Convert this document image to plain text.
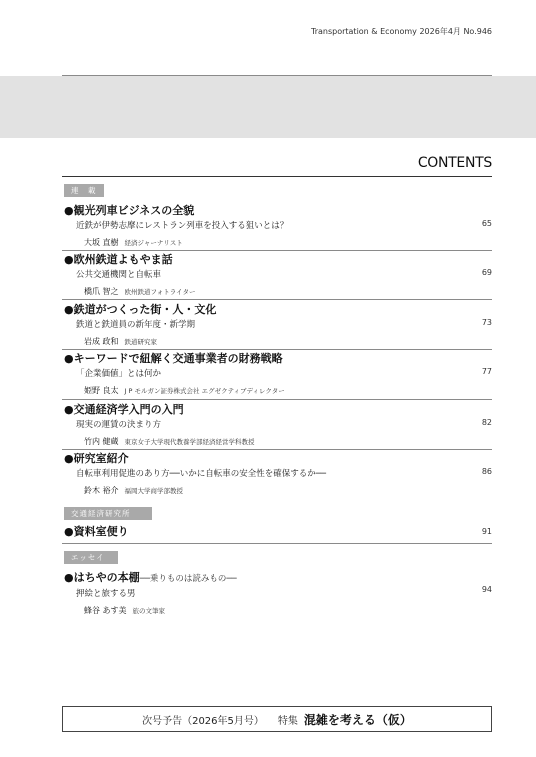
Transportation & Economy 2026年4月 No.946
CONTENTS
連　載
●観光列車ビジネスの全貌
近鉄が伊勢志摩にレストラン列車を投入する狙いとは？
大坂 直樹 経済ジャーナリスト
65
●欧州鉄道よもやま話
公共交通機関と自転車
橋爪 智之 欧州鉄道フォトライター
69
●鉄道がつくった街・人・文化
鉄道と鉄道員の新年度・新学期
岩成 政和 鉄道研究家
73
●キーワードで紐解く交通事業者の財務戦略
「企業価値」とは何か
姫野 良太 J P モルガン証券株式会社 エグゼクティブディレクター
77
●交通経済学入門の入門
現実の運賃の決まり方
竹内 健蔵 東京女子大学現代教養学部経済経営学科教授
82
●研究室紹介
自転車利用促進のあり方──いかに自転車の安全性を確保するか──
鈴木 裕介 福岡大学商学部教授
86
交通経済研究所
●資料室便り	91
エッセイ
●はちやの本棚──乗りものは読みもの──
押絵と旅する男
蜂谷 あす美 旅の文筆家
94
次号予告（2026年5月号） 特集 混雑を考える（仮）
